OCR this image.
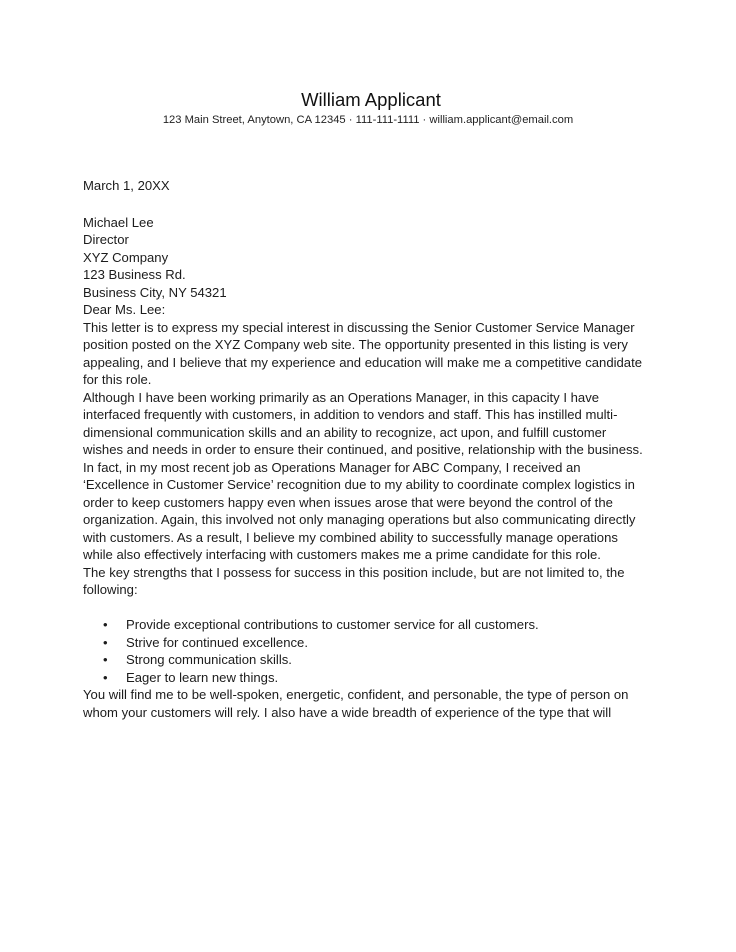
William Applicant
123 Main Street, Anytown, CA 12345 · 111-111-1111 · william.applicant@email.com

March 1, 20XX

Michael Lee
Director
XYZ Company
123 Business Rd.
Business City, NY 54321

Dear Ms. Lee:

This letter is to express my special interest in discussing the Senior Customer Service Manager position posted on the XYZ Company web site. The opportunity presented in this listing is very appealing, and I believe that my experience and education will make me a competitive candidate for this role.

Although I have been working primarily as an Operations Manager, in this capacity I have interfaced frequently with customers, in addition to vendors and staff. This has instilled multi-dimensional communication skills and an ability to recognize, act upon, and fulfill customer wishes and needs in order to ensure their continued, and positive, relationship with the business.

In fact, in my most recent job as Operations Manager for ABC Company, I received an ‘Excellence in Customer Service’ recognition due to my ability to coordinate complex logistics in order to keep customers happy even when issues arose that were beyond the control of the organization. Again, this involved not only managing operations but also communicating directly with customers. As a result, I believe my combined ability to successfully manage operations while also effectively interfacing with customers makes me a prime candidate for this role.

The key strengths that I possess for success in this position include, but are not limited to, the following:

• Provide exceptional contributions to customer service for all customers.
• Strive for continued excellence.
• Strong communication skills.
• Eager to learn new things.

You will find me to be well-spoken, energetic, confident, and personable, the type of person on whom your customers will rely. I also have a wide breadth of experience of the type that will
